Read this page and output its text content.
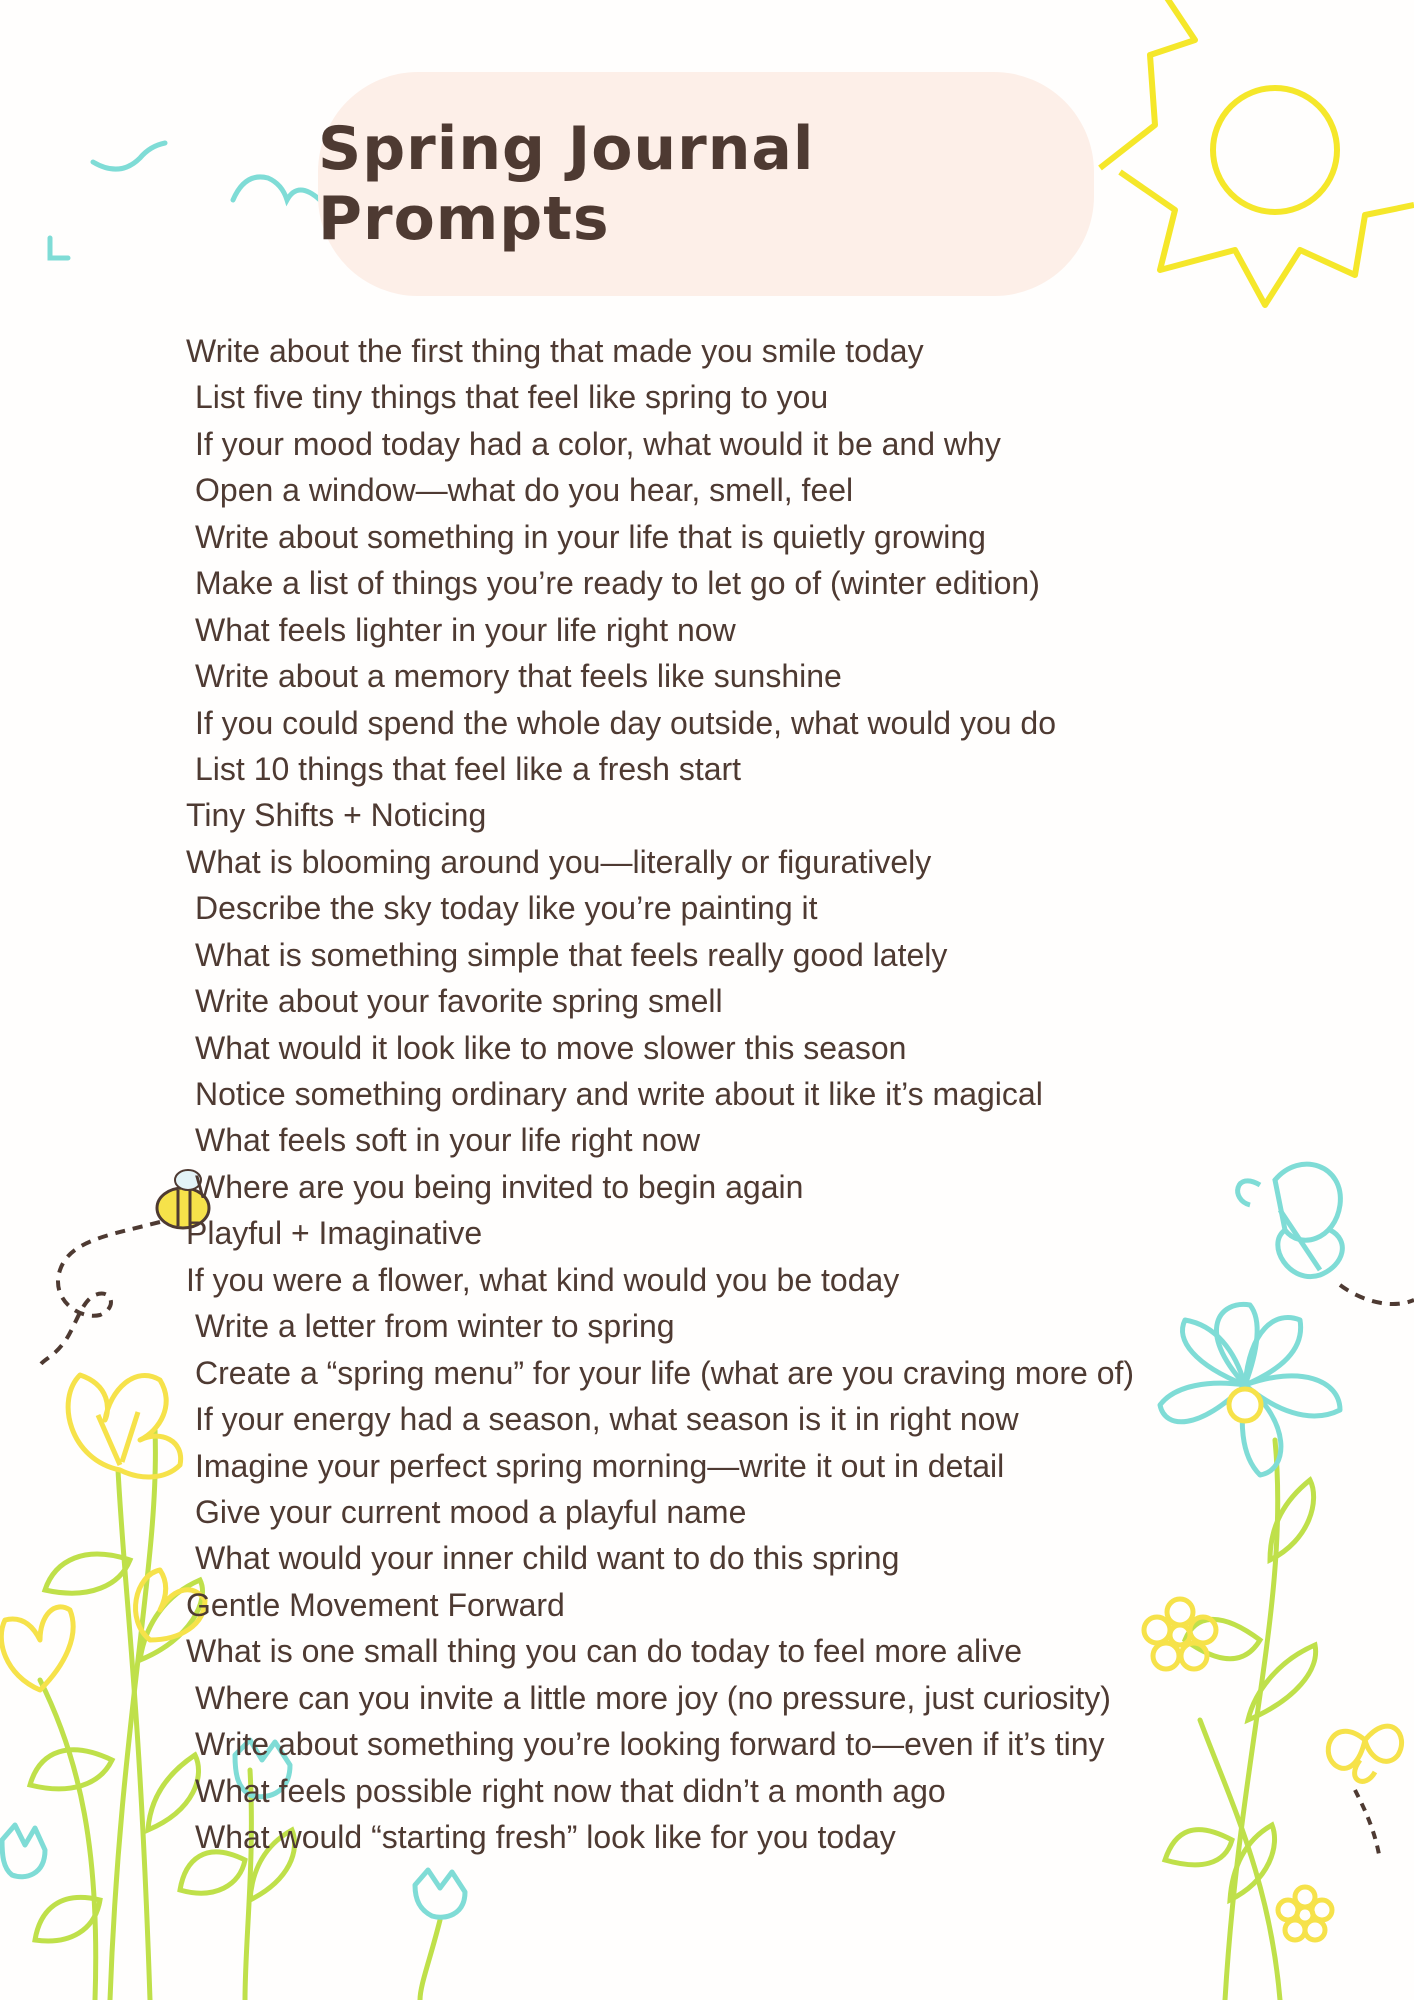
Spring Journal Prompts
Write about the first thing that made you smile today
List five tiny things that feel like spring to you
If your mood today had a color, what would it be and why
Open a window—what do you hear, smell, feel
Write about something in your life that is quietly growing
Make a list of things you’re ready to let go of (winter edition)
What feels lighter in your life right now
Write about a memory that feels like sunshine
If you could spend the whole day outside, what would you do
List 10 things that feel like a fresh start
Tiny Shifts + Noticing
What is blooming around you—literally or figuratively
Describe the sky today like you’re painting it
What is something simple that feels really good lately
Write about your favorite spring smell
What would it look like to move slower this season
Notice something ordinary and write about it like it’s magical
What feels soft in your life right now
Where are you being invited to begin again
Playful + Imaginative
If you were a flower, what kind would you be today
Write a letter from winter to spring
Create a “spring menu” for your life (what are you craving more of)
If your energy had a season, what season is it in right now
Imagine your perfect spring morning—write it out in detail
Give your current mood a playful name
What would your inner child want to do this spring
Gentle Movement Forward
What is one small thing you can do today to feel more alive
Where can you invite a little more joy (no pressure, just curiosity)
Write about something you’re looking forward to—even if it’s tiny
What feels possible right now that didn’t a month ago
What would “starting fresh” look like for you today
